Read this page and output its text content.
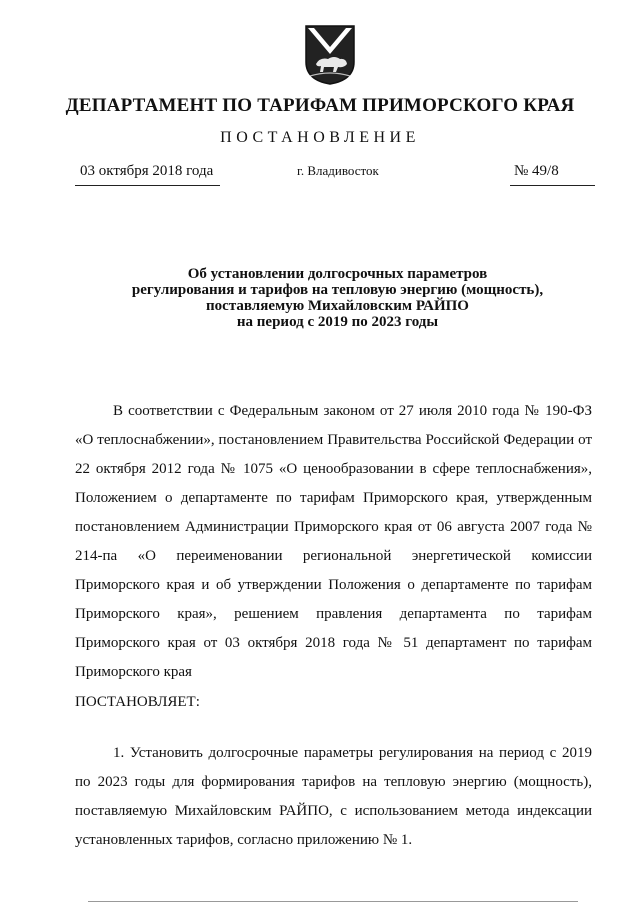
ДЕПАРТАМЕНТ ПО ТАРИФАМ ПРИМОРСКОГО КРАЯ
ПОСТАНОВЛЕНИЕ
03 октября 2018 года	г. Владивосток	№ 49/8
Об установлении долгосрочных параметров
регулирования и тарифов на тепловую энергию (мощность),
поставляемую Михайловским РАЙПО
на период с 2019 по 2023 годы
В соответствии с Федеральным законом от 27 июля 2010 года № 190-ФЗ «О теплоснабжении», постановлением Правительства Российской Федерации от 22 октября 2012 года № 1075 «О ценообразовании в сфере теплоснабжения», Положением о департаменте по тарифам Приморского края, утвержденным постановлением Администрации Приморского края от 06 августа 2007 года № 214-па «О переименовании региональной энергетической комиссии Приморского края и об утверждении Положения о департаменте по тарифам Приморского края», решением правления департамента по тарифам Приморского края от 03 октября 2018 года № 51 департамент по тарифам Приморского края
ПОСТАНОВЛЯЕТ:
1. Установить долгосрочные параметры регулирования на период с 2019 по 2023 годы для формирования тарифов на тепловую энергию (мощность), поставляемую Михайловским РАЙПО, с использованием метода индексации установленных тарифов, согласно приложению № 1.
